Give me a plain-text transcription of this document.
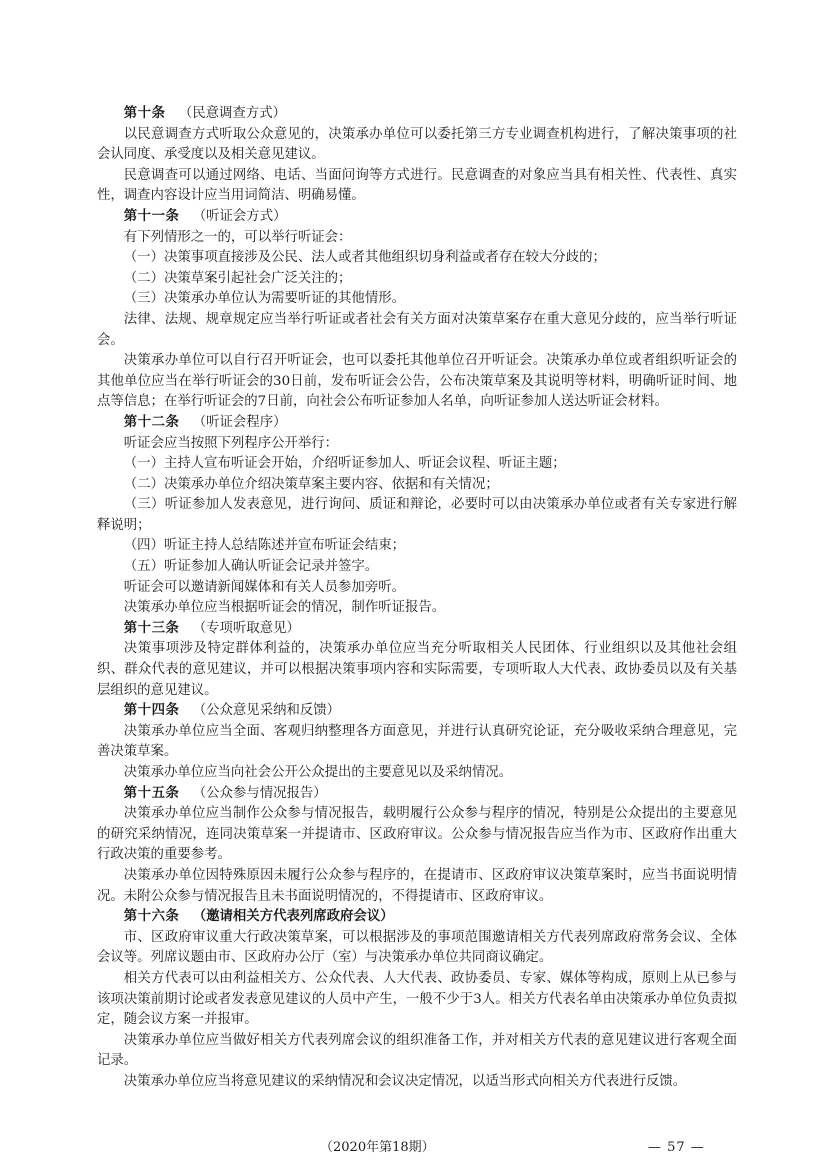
第十条 （民意调查方式）

以民意调查方式听取公众意见的，决策承办单位可以委托第三方专业调查机构进行，了解决策事项的社会认同度、承受度以及相关意见建议。

民意调查可以通过网络、电话、当面问询等方式进行。民意调查的对象应当具有相关性、代表性、真实性，调查内容设计应当用词简洁、明确易懂。

第十一条 （听证会方式）

有下列情形之一的，可以举行听证会：

（一）决策事项直接涉及公民、法人或者其他组织切身利益或者存在较大分歧的；

（二）决策草案引起社会广泛关注的；

（三）决策承办单位认为需要听证的其他情形。

法律、法规、规章规定应当举行听证或者社会有关方面对决策草案存在重大意见分歧的，应当举行听证会。

决策承办单位可以自行召开听证会，也可以委托其他单位召开听证会。决策承办单位或者组织听证会的其他单位应当在举行听证会的30日前，发布听证会公告，公布决策草案及其说明等材料，明确听证时间、地点等信息；在举行听证会的7日前，向社会公布听证参加人名单，向听证参加人送达听证会材料。

第十二条 （听证会程序）

听证会应当按照下列程序公开举行：

（一）主持人宣布听证会开始，介绍听证参加人、听证会议程、听证主题；

（二）决策承办单位介绍决策草案主要内容、依据和有关情况；

（三）听证参加人发表意见，进行询问、质证和辩论，必要时可以由决策承办单位或者有关专家进行解释说明；

（四）听证主持人总结陈述并宣布听证会结束；

（五）听证参加人确认听证会记录并签字。

听证会可以邀请新闻媒体和有关人员参加旁听。

决策承办单位应当根据听证会的情况，制作听证报告。

第十三条 （专项听取意见）

决策事项涉及特定群体利益的，决策承办单位应当充分听取相关人民团体、行业组织以及其他社会组织、群众代表的意见建议，并可以根据决策事项内容和实际需要，专项听取人大代表、政协委员以及有关基层组织的意见建议。

第十四条 （公众意见采纳和反馈）

决策承办单位应当全面、客观归纳整理各方面意见，并进行认真研究论证，充分吸收采纳合理意见，完善决策草案。

决策承办单位应当向社会公开公众提出的主要意见以及采纳情况。

第十五条 （公众参与情况报告）

决策承办单位应当制作公众参与情况报告，载明履行公众参与程序的情况，特别是公众提出的主要意见的研究采纳情况，连同决策草案一并提请市、区政府审议。公众参与情况报告应当作为市、区政府作出重大行政决策的重要参考。

决策承办单位因特殊原因未履行公众参与程序的，在提请市、区政府审议决策草案时，应当书面说明情况。未附公众参与情况报告且未书面说明情况的，不得提请市、区政府审议。

第十六条 （邀请相关方代表列席政府会议）

市、区政府审议重大行政决策草案，可以根据涉及的事项范围邀请相关方代表列席政府常务会议、全体会议等。列席议题由市、区政府办公厅（室）与决策承办单位共同商议确定。

相关方代表可以由利益相关方、公众代表、人大代表、政协委员、专家、媒体等构成，原则上从已参与该项决策前期讨论或者发表意见建议的人员中产生，一般不少于3人。相关方代表名单由决策承办单位负责拟定，随会议方案一并报审。

决策承办单位应当做好相关方代表列席会议的组织准备工作，并对相关方代表的意见建议进行客观全面记录。

决策承办单位应当将意见建议的采纳情况和会议决定情况，以适当形式向相关方代表进行反馈。

（2020年第18期）	— 57 —
